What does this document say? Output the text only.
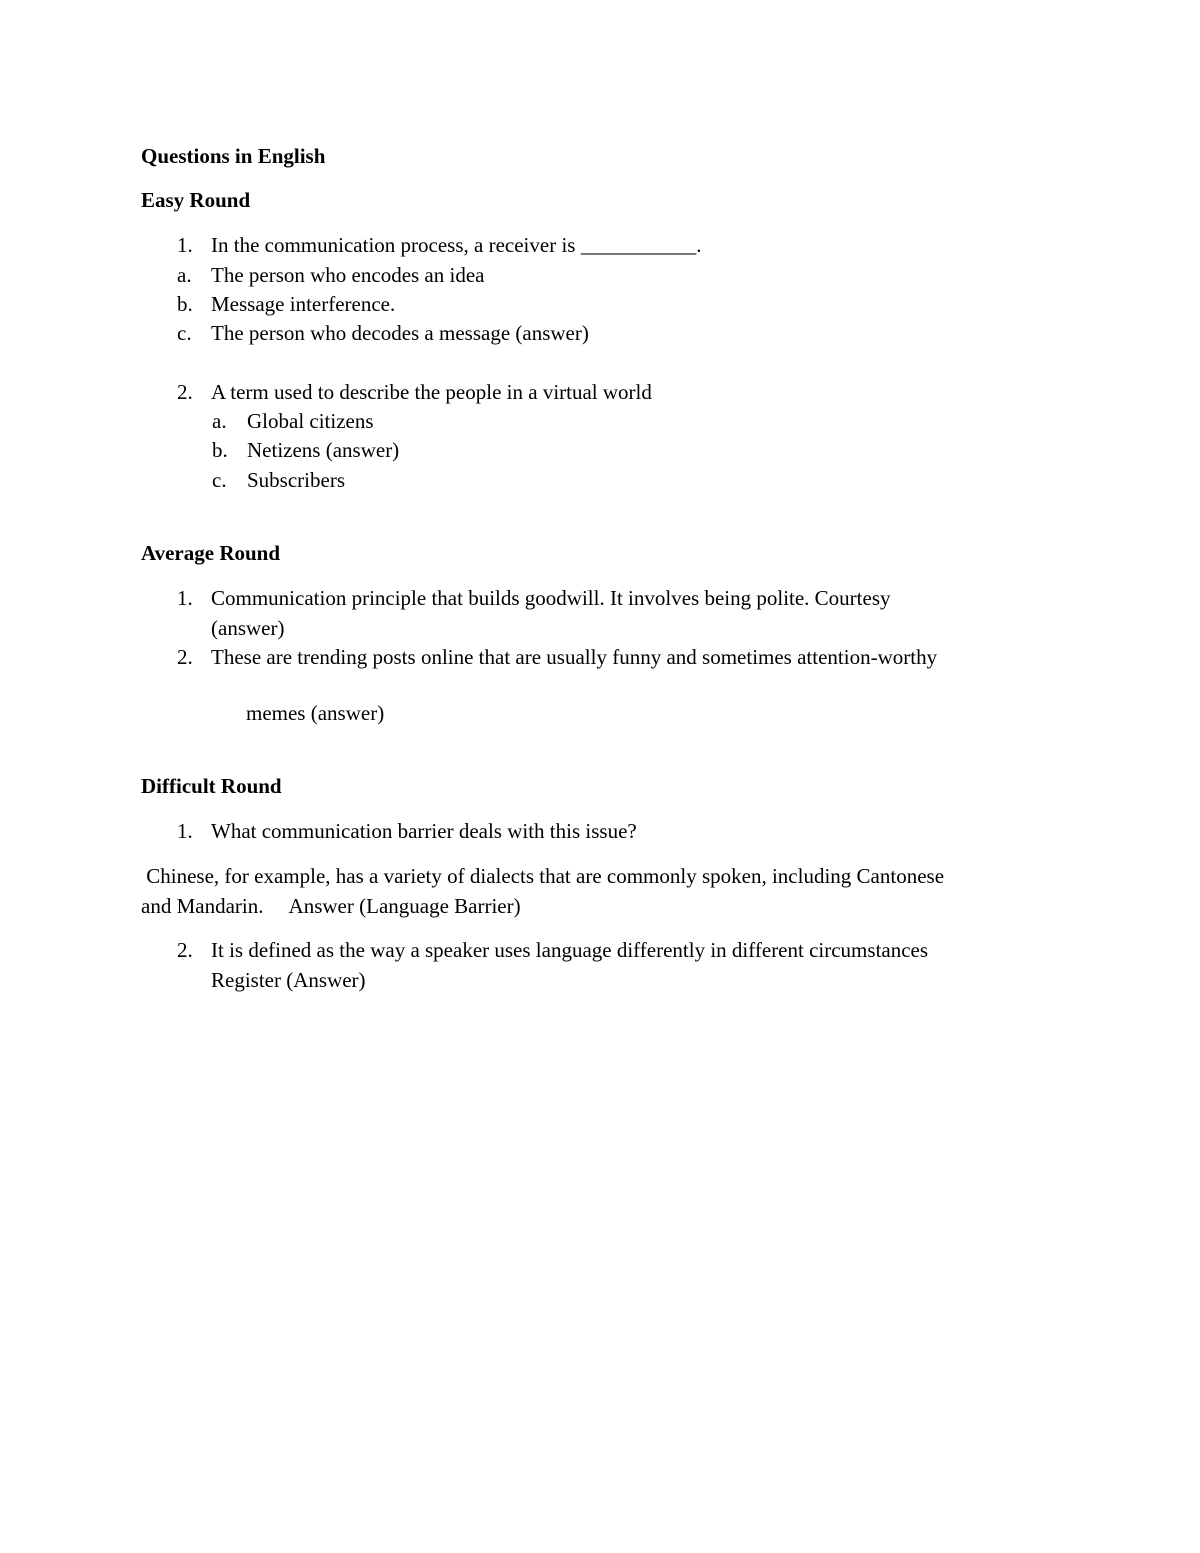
Questions in English
Easy Round
1. In the communication process, a receiver is ___________.
a. The person who encodes an idea
b. Message interference.
c. The person who decodes a message (answer)
2. A term used to describe the people in a virtual world
a. Global citizens
b. Netizens (answer)
c. Subscribers
Average Round
1. Communication principle that builds goodwill. It involves being polite. Courtesy
(answer)
2. These are trending posts online that are usually funny and sometimes attention-worthy
memes (answer)
Difficult Round
1. What communication barrier deals with this issue?
Chinese, for example, has a variety of dialects that are commonly spoken, including Cantonese
and Mandarin.     Answer (Language Barrier)
2. It is defined as the way a speaker uses language differently in different circumstances
Register (Answer)
